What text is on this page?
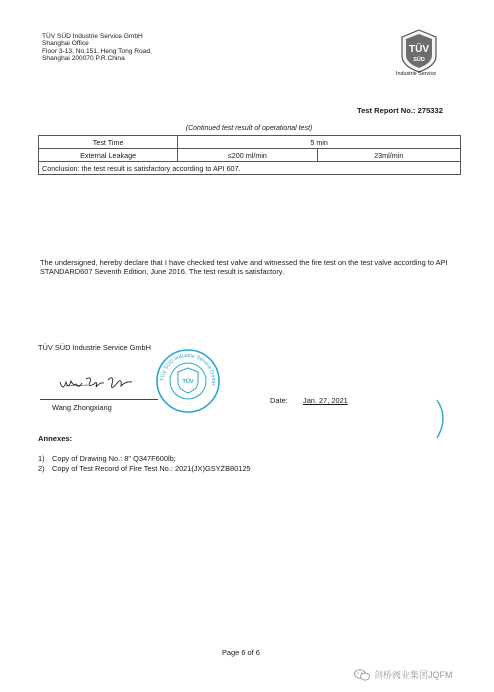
TÜV SÜD Industrie Service GmbH
Shanghai Office
Floor 3-13, No.151, Heng Tong Road,
Shanghai 200070 P.R.China
TÜV
SÜD
Industrie Service
Test Report No.: 275332
(Continued test result of operational test)
Test Time	5 min	
External Leakage	≤200 ml/min	23ml/min
Conclusion: the test result is satisfactory according to API 607.		
The undersigned, hereby declare that I have checked test valve and witnessed the fire test on the test valve according to API STANDARD607 Seventh Edition, June 2016. The test result is satisfactory.
TÜV SÜD Industrie Service GmbH
TÜV SÜD Industrie Service GmbH
TÜV
Wang Zhongxiang
Date: Jan. 27, 2021
Annexes:
1) Copy of Drawing No.: 8" Q347F600lb;
2) Copy of Test Record of Fire Test No.: 2021(JX)GSYZB80125
Page 6 of 6
剑桥阀业集团JQFM
